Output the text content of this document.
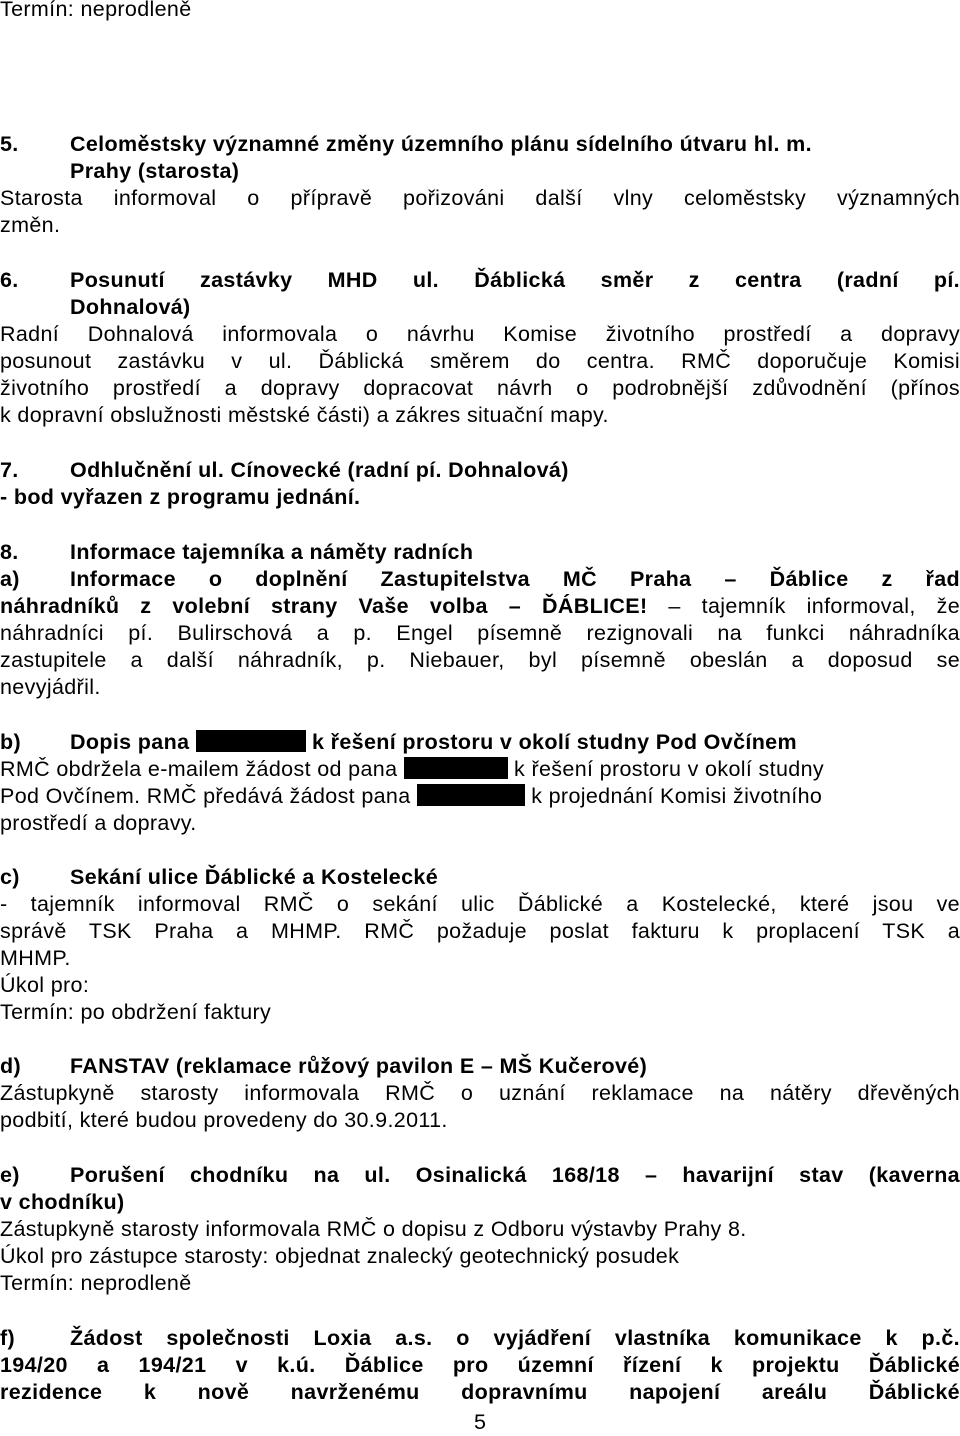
Termín: neprodleně
5. Celoměstsky významné změny územního plánu sídelního útvaru hl. m.
Prahy (starosta)
Starosta informoval o přípravě pořizováni další vlny celoměstsky významných
změn.
6. Posunutí zastávky MHD ul. Ďáblická směr z centra (radní pí.
Dohnalová)
Radní Dohnalová informovala o návrhu Komise životního prostředí a dopravy
posunout zastávku v ul. Ďáblická směrem do centra. RMČ doporučuje Komisi
životního prostředí a dopravy dopracovat návrh o podrobnější zdůvodnění (přínos
k dopravní obslužnosti městské části) a zákres situační mapy.
7. Odhlučnění ul. Cínovecké (radní pí. Dohnalová)
- bod vyřazen z programu jednání.
8. Informace tajemníka a náměty radních
a) Informace o doplnění Zastupitelstva MČ Praha – Ďáblice z řad
náhradníků z volební strany Vaše volba – ĎÁBLICE! – tajemník informoval, že
náhradníci pí. Bulirschová a p. Engel písemně rezignovali na funkci náhradníka
zastupitele a další náhradník, p. Niebauer, byl písemně obeslán a doposud se
nevyjádřil.
b) Dopis pana	k řešení prostoru v okolí studny Pod Ovčínem
RMČ obdržela e-mailem žádost od pana	k řešení prostoru v okolí studny
Pod Ovčínem. RMČ předává žádost pana	k projednání Komisi životního
prostředí a dopravy.
c) Sekání ulice Ďáblické a Kostelecké
- tajemník informoval RMČ o sekání ulic Ďáblické a Kostelecké, které jsou ve
správě TSK Praha a MHMP. RMČ požaduje poslat fakturu k proplacení TSK a
MHMP.
Úkol pro:
Termín: po obdržení faktury
d) FANSTAV (reklamace růžový pavilon E – MŠ Kučerové)
Zástupkyně starosty informovala RMČ o uznání reklamace na nátěry dřevěných
podbití, které budou provedeny do 30.9.2011.
e) Porušení chodníku na ul. Osinalická 168/18 – havarijní stav (kaverna
v chodníku)
Zástupkyně starosty informovala RMČ o dopisu z Odboru výstavby Prahy 8.
Úkol pro zástupce starosty: objednat znalecký geotechnický posudek
Termín: neprodleně
f)	Žádost společnosti Loxia a.s. o vyjádření vlastníka komunikace k p.č.
194/20 a 194/21 v k.ú. Ďáblice pro územní řízení k projektu Ďáblické
rezidence k nově navrženému dopravnímu napojení areálu Ďáblické
5
